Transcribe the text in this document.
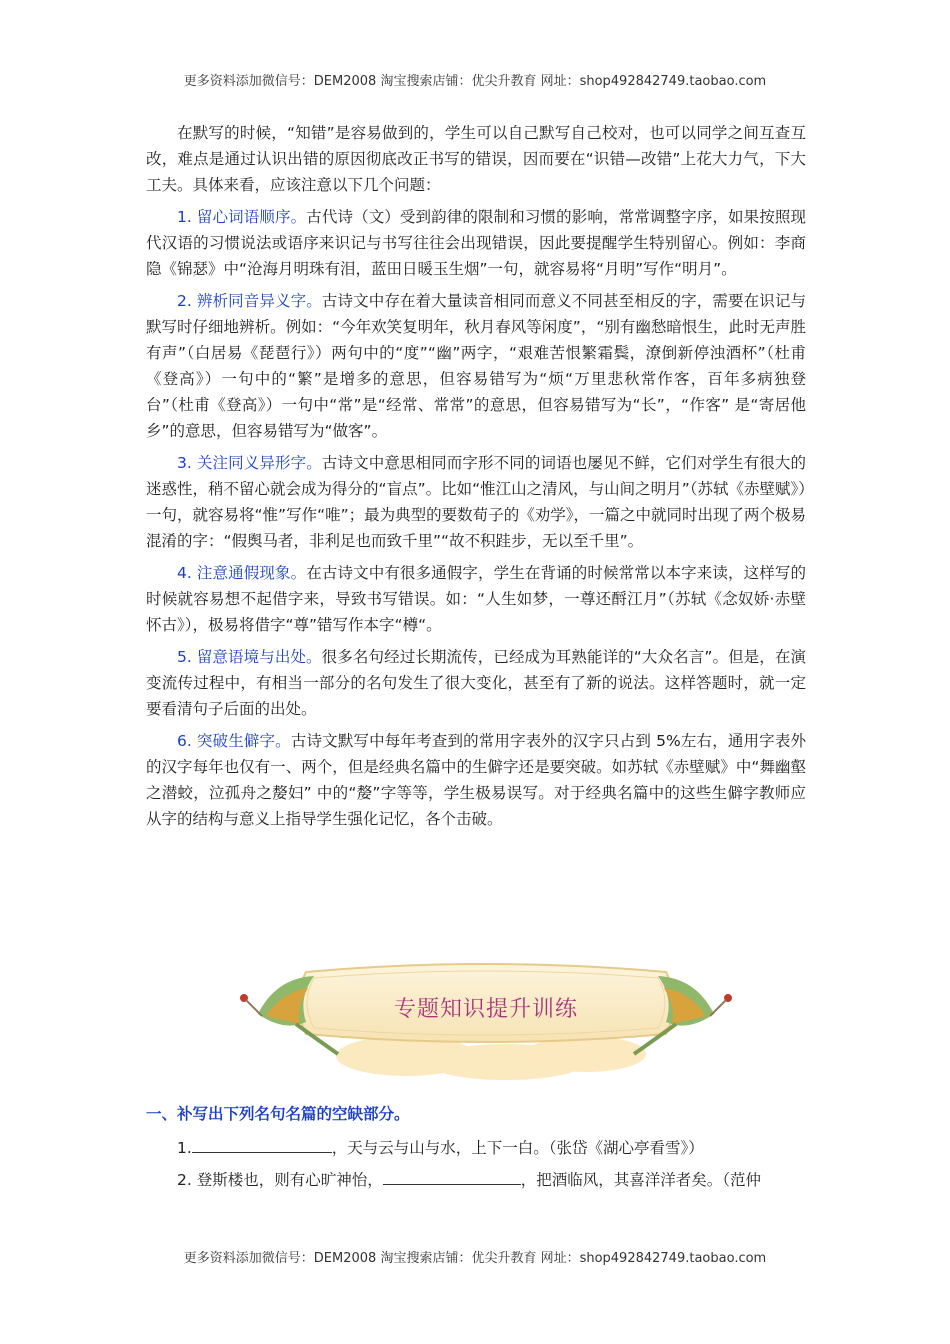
更多资料添加微信号：DEM2008 淘宝搜索店铺：优尖升教育 网址：shop492842749.taobao.com

在默写的时候，“知错”是容易做到的，学生可以自己默写自己校对，也可以同学之间互查互改，难点是通过认识出错的原因彻底改正书写的错误，因而要在“识错—改错”上花大力气，下大工夫。具体来看，应该注意以下几个问题：

1. 留心词语顺序。古代诗（文）受到韵律的限制和习惯的影响，常常调整字序，如果按照现代汉语的习惯说法或语序来识记与书写往往会出现错误，因此要提醒学生特别留心。例如：李商隐《锦瑟》中“沧海月明珠有泪，蓝田日暖玉生烟”一句，就容易将“月明”写作“明月”。

2. 辨析同音异义字。古诗文中存在着大量读音相同而意义不同甚至相反的字，需要在识记与默写时仔细地辨析。例如：“今年欢笑复明年，秋月春风等闲度”，“别有幽愁暗恨生，此时无声胜有声”（白居易《琵琶行》）两句中的“度”“幽”两字，“艰难苦恨繁霜鬓，潦倒新停浊酒杯”（杜甫《登高》）一句中的“繁”是增多的意思，但容易错写为“烦“万里悲秋常作客，百年多病独登台”（杜甫《登高》）一句中“常”是“经常、常常”的意思，但容易错写为“长”，“作客” 是“寄居他乡”的意思，但容易错写为“做客”。

3. 关注同义异形字。古诗文中意思相同而字形不同的词语也屡见不鲜，它们对学生有很大的迷惑性，稍不留心就会成为得分的“盲点”。比如“惟江山之清风，与山间之明月”（苏轼《赤壁赋》）一句，就容易将“惟”写作“唯”；最为典型的要数荀子的《劝学》，一篇之中就同时出现了两个极易混淆的字：“假舆马者，非利足也而致千里”“故不积跬步，无以至千里”。

4. 注意通假现象。在古诗文中有很多通假字，学生在背诵的时候常常以本字来读，这样写的时候就容易想不起借字来，导致书写错误。如：“人生如梦，一尊还酹江月”（苏轼《念奴娇·赤壁怀古》），极易将借字“尊”错写作本字“樽“。

5. 留意语境与出处。很多名句经过长期流传，已经成为耳熟能详的“大众名言”。但是，在演变流传过程中，有相当一部分的名句发生了很大变化，甚至有了新的说法。这样答题时，就一定要看清句子后面的出处。

6. 突破生僻字。古诗文默写中每年考查到的常用字表外的汉字只占到 5%左右，通用字表外的汉字每年也仅有一、两个，但是经典名篇中的生僻字还是要突破。如苏轼《赤壁赋》中“舞幽壑之潜蛟，泣孤舟之嫠妇” 中的“嫠”字等等，学生极易误写。对于经典名篇中的这些生僻字教师应从字的结构与意义上指导学生强化记忆，各个击破。

专题知识提升训练
一、补写出下列名句名篇的空缺部分。
1.	，天与云与山与水，上下一白。（张岱《湖心亭看雪》）
2. 登斯楼也，则有心旷神怡，	，把酒临风，其喜洋洋者矣。（范仲
更多资料添加微信号：DEM2008 淘宝搜索店铺：优尖升教育 网址：shop492842749.taobao.com
